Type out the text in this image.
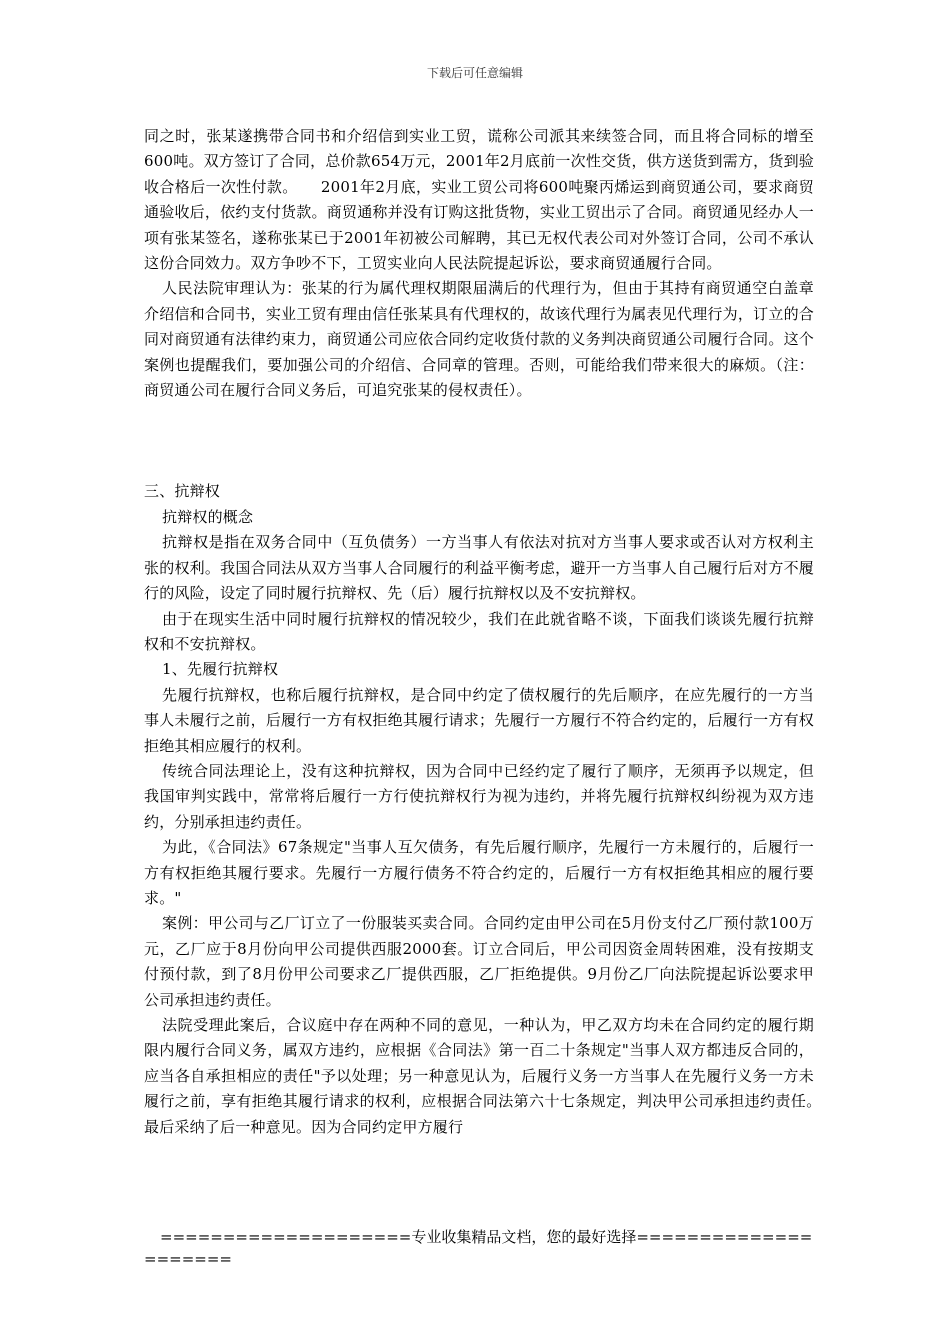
下载后可任意编辑

同之时，张某遂携带合同书和介绍信到实业工贸，谎称公司派其来续签合同，而且将合同标的增至600吨。双方签订了合同，总价款654万元，2001年2月底前一次性交货，供方送货到需方，货到验收合格后一次性付款。　　2001年2月底，实业工贸公司将600吨聚丙烯运到商贸通公司，要求商贸通验收后，依约支付货款。商贸通称并没有订购这批货物，实业工贸出示了合同。商贸通见经办人一项有张某签名，遂称张某已于2001年初被公司解聘，其已无权代表公司对外签订合同，公司不承认这份合同效力。双方争吵不下，工贸实业向人民法院提起诉讼，要求商贸通履行合同。

人民法院审理认为：张某的行为属代理权期限届满后的代理行为，但由于其持有商贸通空白盖章介绍信和合同书，实业工贸有理由信任张某具有代理权的，故该代理行为属表见代理行为，订立的合同对商贸通有法律约束力，商贸通公司应依合同约定收货付款的义务判决商贸通公司履行合同。这个案例也提醒我们，要加强公司的介绍信、合同章的管理。否则，可能给我们带来很大的麻烦。（注：商贸通公司在履行合同义务后，可追究张某的侵权责任）。

三、抗辩权

抗辩权的概念

抗辩权是指在双务合同中（互负债务）一方当事人有依法对抗对方当事人要求或否认对方权利主张的权利。我国合同法从双方当事人合同履行的利益平衡考虑，避开一方当事人自己履行后对方不履行的风险，设定了同时履行抗辩权、先（后）履行抗辩权以及不安抗辩权。

由于在现实生活中同时履行抗辩权的情况较少，我们在此就省略不谈，下面我们谈谈先履行抗辩权和不安抗辩权。

1、先履行抗辩权

先履行抗辩权，也称后履行抗辩权，是合同中约定了债权履行的先后顺序，在应先履行的一方当事人未履行之前，后履行一方有权拒绝其履行请求；先履行一方履行不符合约定的，后履行一方有权拒绝其相应履行的权利。

传统合同法理论上，没有这种抗辩权，因为合同中已经约定了履行了顺序，无须再予以规定，但我国审判实践中，常常将后履行一方行使抗辩权行为视为违约，并将先履行抗辩权纠纷视为双方违约，分别承担违约责任。

为此，《合同法》67条规定"当事人互欠债务，有先后履行顺序，先履行一方未履行的，后履行一方有权拒绝其履行要求。先履行一方履行债务不符合约定的，后履行一方有权拒绝其相应的履行要求。"

案例：甲公司与乙厂订立了一份服装买卖合同。合同约定由甲公司在5月份支付乙厂预付款100万元，乙厂应于8月份向甲公司提供西服2000套。订立合同后，甲公司因资金周转困难，没有按期支付预付款，到了8月份甲公司要求乙厂提供西服，乙厂拒绝提供。9月份乙厂向法院提起诉讼要求甲公司承担违约责任。

法院受理此案后，合议庭中存在两种不同的意见，一种认为，甲乙双方均未在合同约定的履行期限内履行合同义务，属双方违约，应根据《合同法》第一百二十条规定"当事人双方都违反合同的，应当各自承担相应的责任"予以处理；另一种意见认为，后履行义务一方当事人在先履行义务一方未履行之前，享有拒绝其履行请求的权利，应根据合同法第六十七条规定，判决甲公司承担违约责任。　　最后采纳了后一种意见。因为合同约定甲方履行

====================专业收集精品文档，您的最好选择=====================
